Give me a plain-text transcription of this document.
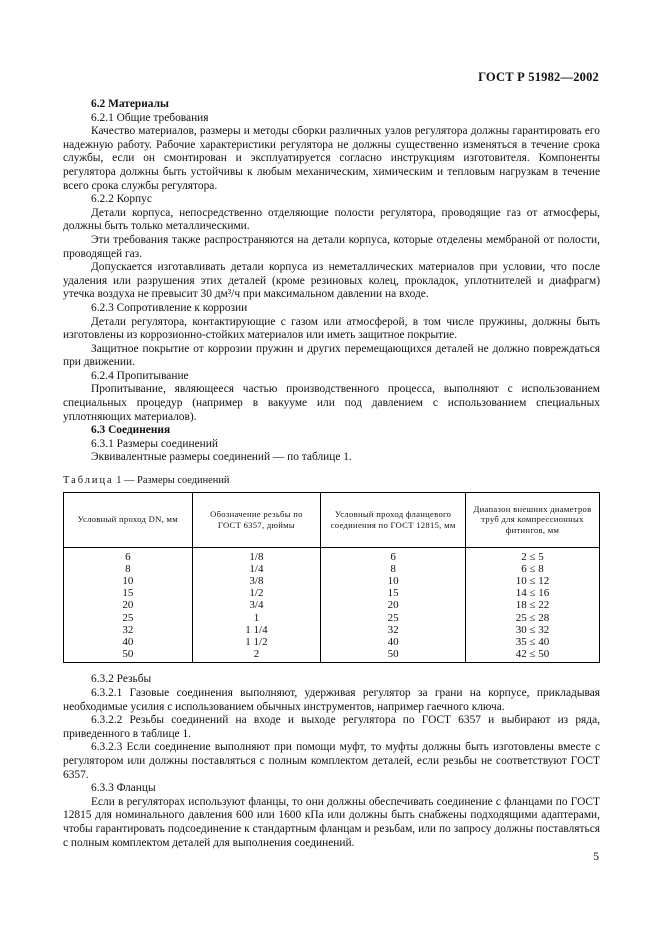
ГОСТ Р 51982—2002

6.2 Материалы

6.2.1 Общие требования

Качество материалов, размеры и методы сборки различных узлов регулятора должны гарантировать его надежную работу. Рабочие характеристики регулятора не должны существенно изменяться в течение срока службы, если он смонтирован и эксплуатируется согласно инструкциям изготовителя. Компоненты регулятора должны быть устойчивы к любым механическим, химическим и тепловым нагрузкам в течение всего срока службы регулятора.

6.2.2 Корпус

Детали корпуса, непосредственно отделяющие полости регулятора, проводящие газ от атмосферы, должны быть только металлическими.

Эти требования также распространяются на детали корпуса, которые отделены мембраной от полости, проводящей газ.

Допускается изготавливать детали корпуса из неметаллических материалов при условии, что после удаления или разрушения этих деталей (кроме резиновых колец, прокладок, уплотнителей и диафрагм) утечка воздуха не превысит 30 дм³/ч при максимальном давлении на входе.

6.2.3 Сопротивление к коррозии

Детали регулятора, контактирующие с газом или атмосферой, в том числе пружины, должны быть изготовлены из коррозионно-стойких материалов или иметь защитное покрытие.

Защитное покрытие от коррозии пружин и других перемещающихся деталей не должно повреждаться при движении.

6.2.4 Пропитывание

Пропитывание, являющееся частью производственного процесса, выполняют с использованием специальных процедур (например в вакууме или под давлением с использованием специальных уплотняющих материалов).

6.3 Соединения

6.3.1 Размеры соединений

Эквивалентные размеры соединений — по таблице 1.

Таблица 1 — Размеры соединений

Условный проход DN, мм	Обозначение резьбы по ГОСТ 6357, дюймы	Условный проход фланцевого соединения по ГОСТ 12815, мм	Диапазон внешних диаметров труб для компрессионных фитингов, мм
6	1/8	6	2 ≤ 5
8	1/4	8	6 ≤ 8
10	3/8	10	10 ≤ 12
15	1/2	15	14 ≤ 16
20	3/4	20	18 ≤ 22
25	1	25	25 ≤ 28
32	1 1/4	32	30 ≤ 32
40	1 1/2	40	35 ≤ 40
50	2	50	42 ≤ 50

6.3.2 Резьбы

6.3.2.1 Газовые соединения выполняют, удерживая регулятор за грани на корпусе, прикладывая необходимые усилия с использованием обычных инструментов, например гаечного ключа.

6.3.2.2 Резьбы соединений на входе и выходе регулятора по ГОСТ 6357 и выбирают из ряда, приведенного в таблице 1.

6.3.2.3 Если соединение выполняют при помощи муфт, то муфты должны быть изготовлены вместе с регулятором или должны поставляться с полным комплектом деталей, если резьбы не соответствуют ГОСТ 6357.

6.3.3 Фланцы

Если в регуляторах используют фланцы, то они должны обеспечивать соединение с фланцами по ГОСТ 12815 для номинального давления 600 или 1600 кПа или должны быть снабжены подходящими адаптерами, чтобы гарантировать подсоединение к стандартным фланцам и резьбам, или по запросу должны поставляться с полным комплектом деталей для выполнения соединений.

5
